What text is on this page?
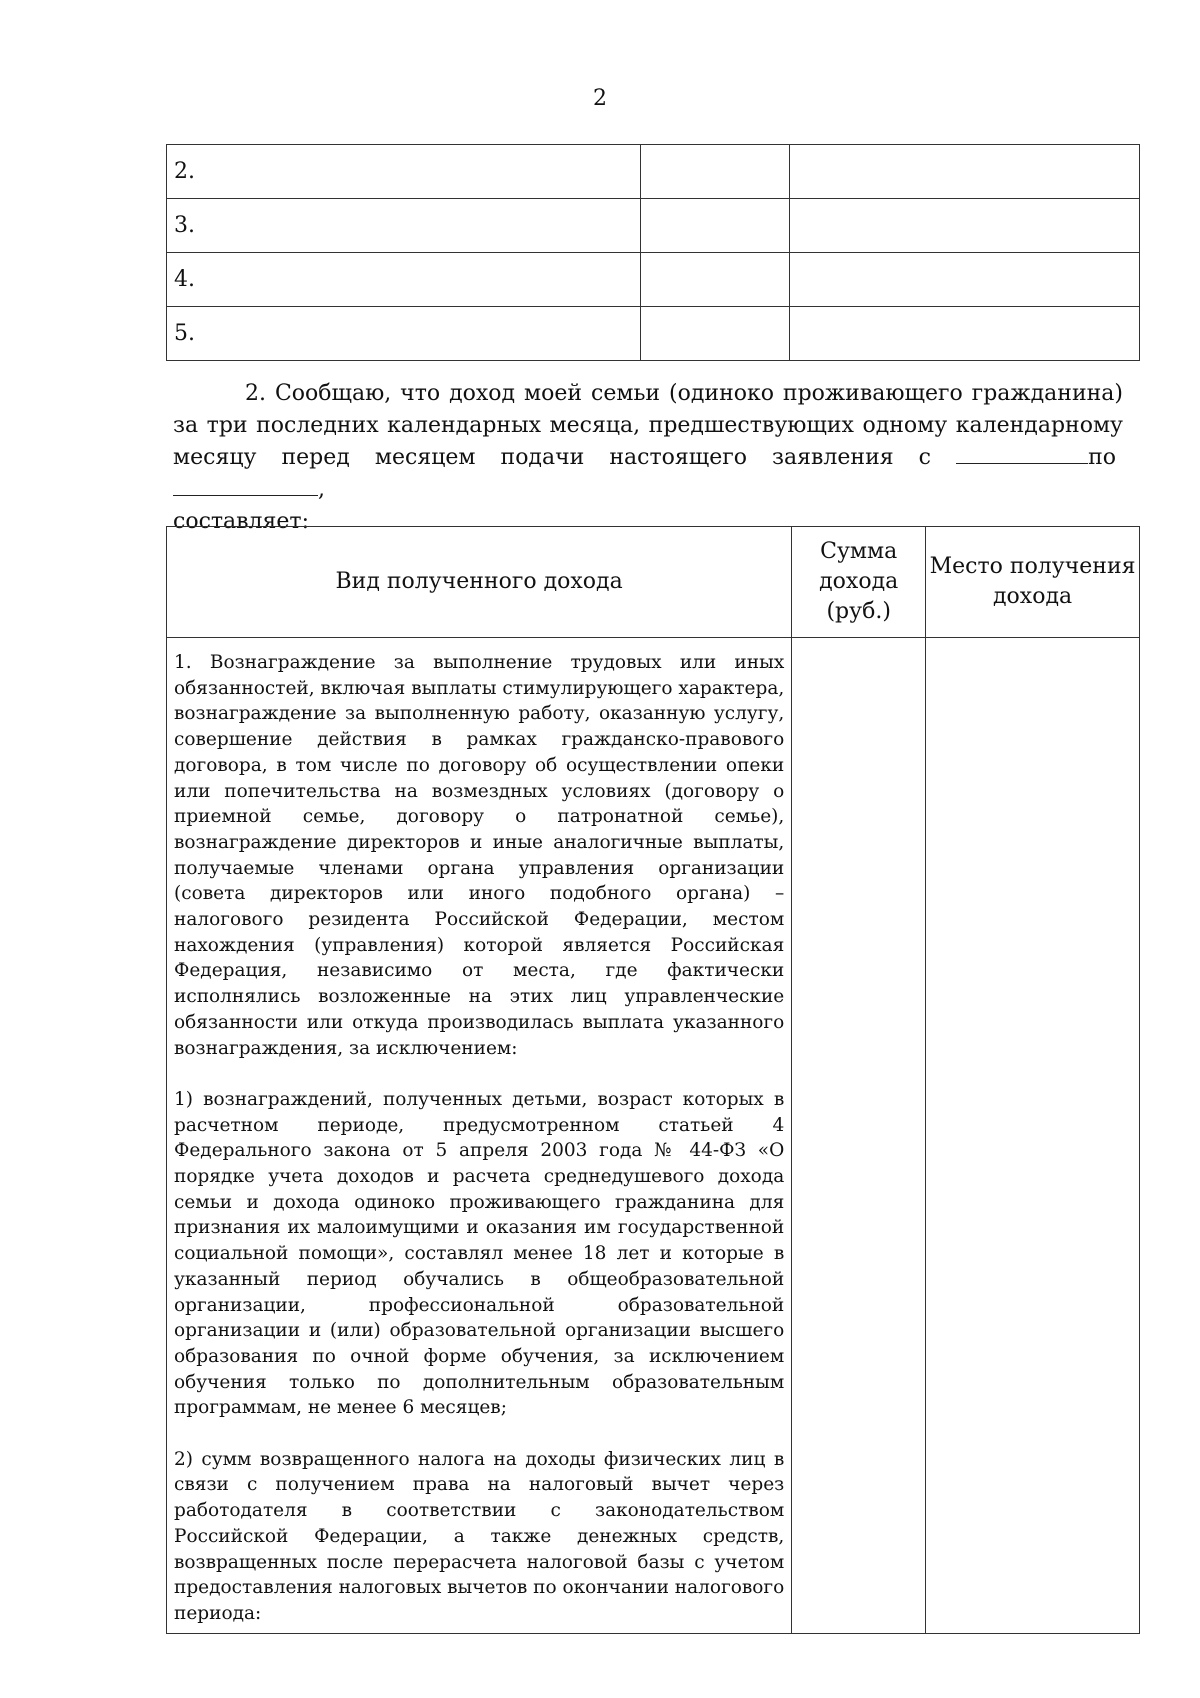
2
2.		
3.		
4.		
5.		

2. Сообщаю, что доход моей семьи (одиноко проживающего гражданина) за три последних календарных месяца, предшествующих одному календарному месяцу перед месяцем подачи настоящего заявления с	по ,

составляет:

Вид полученного дохода	Сумма дохода (руб.)	Место получения дохода

1. Вознаграждение за выполнение трудовых или иных обязанностей, включая выплаты стимулирующего характера, вознаграждение за выполненную работу, оказанную услугу, совершение действия в рамках гражданско-правового договора, в том числе по договору об осуществлении опеки или попечительства на возмездных условиях (договору о приемной семье, договору о патронатной семье), вознаграждение директоров и иные аналогичные выплаты, получаемые членами органа управления организации (совета директоров или иного подобного органа) – налогового резидента Российской Федерации, местом нахождения (управления) которой является Российская Федерация, независимо от места, где фактически исполнялись возложенные на этих лиц управленческие обязанности или откуда производилась выплата указанного вознаграждения, за исключением:

1) вознаграждений, полученных детьми, возраст которых в расчетном периоде, предусмотренном статьей 4 Федерального закона от 5 апреля 2003 года № 44-ФЗ «О порядке учета доходов и расчета среднедушевого дохода семьи и дохода одиноко проживающего гражданина для признания их малоимущими и оказания им государственной социальной помощи», составлял менее 18 лет и которые в указанный период обучались в общеобразовательной организации, профессиональной образовательной организации и (или) образовательной организации высшего образования по очной форме обучения, за исключением обучения только по дополнительным образовательным программам, не менее 6 месяцев;

2) сумм возвращенного налога на доходы физических лиц в связи с получением права на налоговый вычет через работодателя в соответствии с законодательством Российской Федерации, а также денежных средств, возвращенных после перерасчета налоговой базы с учетом предоставления налоговых вычетов по окончании налогового периода:		
